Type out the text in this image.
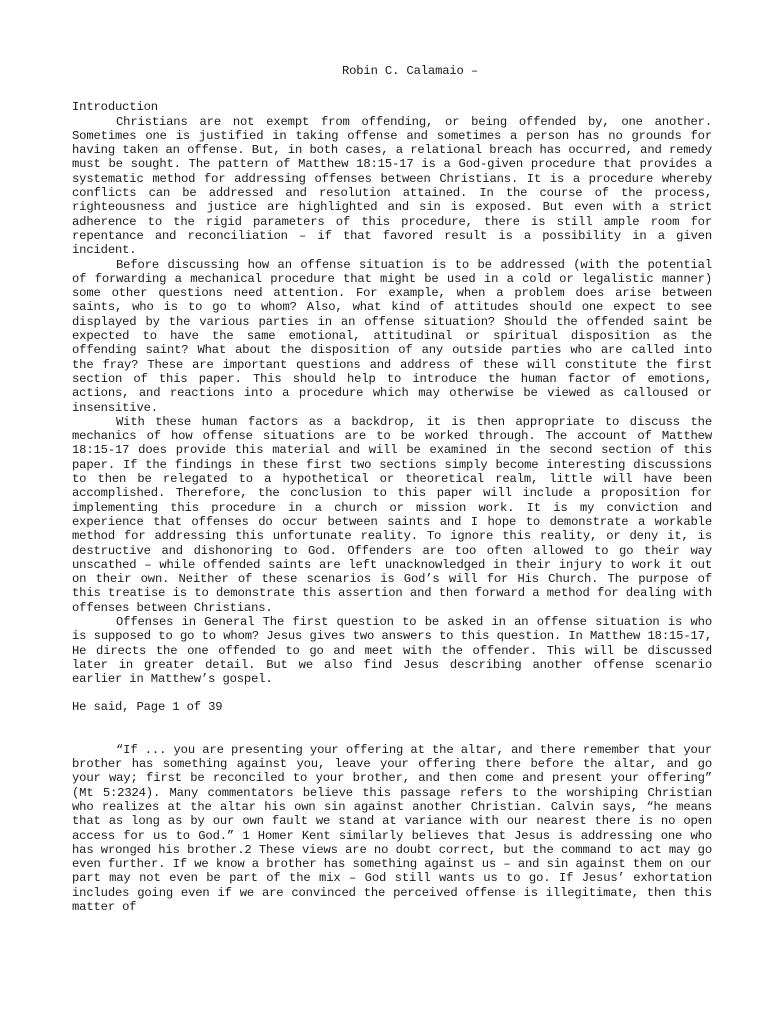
Robin C. Calamaio –
Introduction

Christians are not exempt from offending, or being offended by, one another. Sometimes one is justified in taking offense and sometimes a person has no grounds for having taken an offense. But, in both cases, a relational breach has occurred, and remedy must be sought. The pattern of Matthew 18:15-17 is a God-given procedure that provides a systematic method for addressing offenses between Christians. It is a procedure whereby conflicts can be addressed and resolution attained. In the course of the process, righteousness and justice are highlighted and sin is exposed. But even with a strict adherence to the rigid parameters of this procedure, there is still ample room for repentance and reconciliation – if that favored result is a possibility in a given incident.

Before discussing how an offense situation is to be addressed (with the potential of forwarding a mechanical procedure that might be used in a cold or legalistic manner) some other questions need attention. For example, when a problem does arise between saints, who is to go to whom? Also, what kind of attitudes should one expect to see displayed by the various parties in an offense situation? Should the offended saint be expected to have the same emotional, attitudinal or spiritual disposition as the offending saint? What about the disposition of any outside parties who are called into the fray? These are important questions and address of these will constitute the first section of this paper. This should help to introduce the human factor of emotions, actions, and reactions into a procedure which may otherwise be viewed as calloused or insensitive.

With these human factors as a backdrop, it is then appropriate to discuss the mechanics of how offense situations are to be worked through. The account of Matthew 18:15-17 does provide this material and will be examined in the second section of this paper. If the findings in these first two sections simply become interesting discussions to then be relegated to a hypothetical or theoretical realm, little will have been accomplished. Therefore, the conclusion to this paper will include a proposition for implementing this procedure in a church or mission work. It is my conviction and experience that offenses do occur between saints and I hope to demonstrate a workable method for addressing this unfortunate reality. To ignore this reality, or deny it, is destructive and dishonoring to God. Offenders are too often allowed to go their way unscathed – while offended saints are left unacknowledged in their injury to work it out on their own. Neither of these scenarios is God’s will for His Church. The purpose of this treatise is to demonstrate this assertion and then forward a method for dealing with offenses between Christians.

Offenses in General The first question to be asked in an offense situation is who is supposed to go to whom? Jesus gives two answers to this question. In Matthew 18:15-17, He directs the one offended to go and meet with the offender. This will be discussed later in greater detail. But we also find Jesus describing another offense scenario earlier in Matthew’s gospel.

He said, Page 1 of 39

“If ... you are presenting your offering at the altar, and there remember that your brother has something against you, leave your offering there before the altar, and go your way; first be reconciled to your brother, and then come and present your offering” (Mt 5:2324). Many commentators believe this passage refers to the worshiping Christian who realizes at the altar his own sin against another Christian. Calvin says, “he means that as long as by our own fault we stand at variance with our nearest there is no open access for us to God.” 1 Homer Kent similarly believes that Jesus is addressing one who has wronged his brother.2 These views are no doubt correct, but the command to act may go even further. If we know a brother has something against us – and sin against them on our part may not even be part of the mix – God still wants us to go. If Jesus’ exhortation includes going even if we are convinced the perceived offense is illegitimate, then this matter of
